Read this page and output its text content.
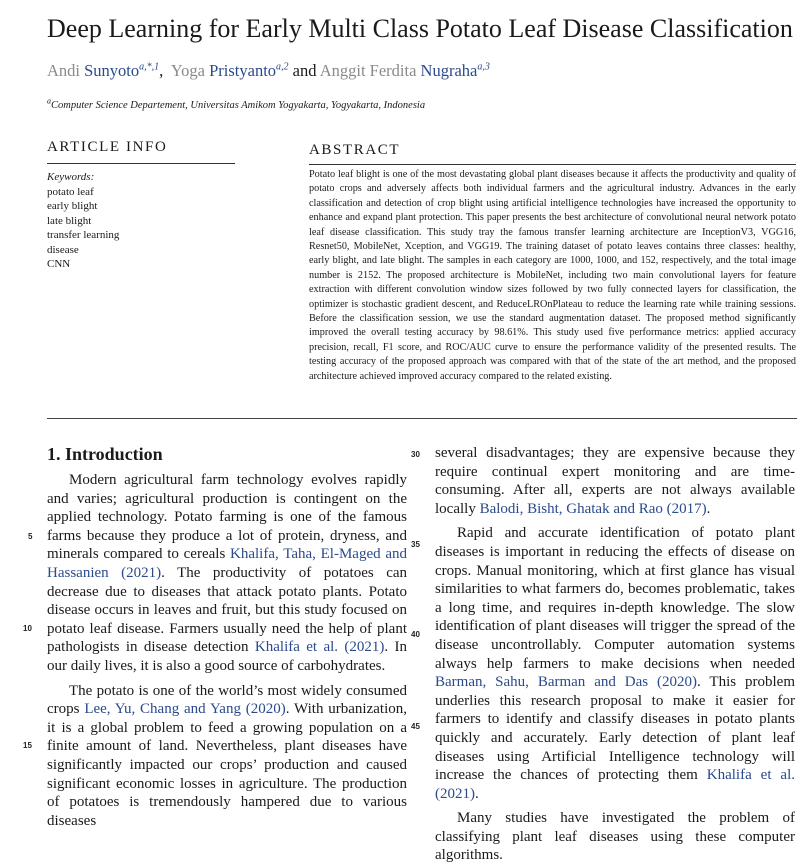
Deep Learning for Early Multi Class Potato Leaf Disease Classification
Andi Sunyoto$^{a,*,1}$, Yoga Pristyanto$^{a,2}$ and Anggit Ferdita Nugraha$^{a,3}$
$^a$Computer Science Departement, Universitas Amikom Yogyakarta, Yogyakarta, Indonesia
ARTICLE INFO	ABSTRACT
Keywords:
potato leaf
early blight
late blight
transfer learning
disease
CNN
Potato leaf blight is one of the most devastating global plant diseases because it affects the productivity and quality of potato crops and adversely affects both individual farmers and the agricultural industry. Advances in the early classification and detection of crop blight using artificial intelligence technologies have increased the opportunity to enhance and expand plant protection. This paper presents the best architecture of convolutional neural network potato leaf disease classification. This study tray the famous transfer learning architecture are InceptionV3, VGG16, Resnet50, MobileNet, Xception, and VGG19. The training dataset of potato leaves contains three classes: healthy, early blight, and late blight. The samples in each category are 1000, 1000, and 152, respectively, and the total image number is 2152. The proposed architecture is MobileNet, including two main convolutional layers for feature extraction with different convolution window sizes followed by two fully connected layers for classification, the optimizer is stochastic gradient descent, and ReduceLROnPlateau to reduce the learning rate while training sessions. Before the classification session, we use the standard augmentation dataset. The proposed method significantly improved the overall testing accuracy by 98.61%. This study used five performance metrics: applied accuracy precision, recall, F1 score, and ROC/AUC curve to ensure the performance validity of the presented results. The testing accuracy of the proposed approach was compared with that of the state of the art method, and the proposed architecture achieved improved accuracy compared to the related existing.
1. Introduction

Modern agricultural farm technology evolves rapidly and varies; agricultural production is contingent on the applied technology. Potato farming is one of the famous farms because they produce a lot of protein, dryness, and minerals compared to cereals Khalifa, Taha, El-Maged and Hassanien (2021). The productivity of potatoes can decrease due to diseases that attack potato plants. Potato disease occurs in leaves and fruit, but this study focused on potato leaf disease. Farmers usually need the help of plant pathologists in disease detection Khalifa et al. (2021). In our daily lives, it is also a good source of carbohydrates.

The potato is one of the world’s most widely consumed crops Lee, Yu, Chang and Yang (2020). With urbanization, it is a global problem to feed a growing population on a finite amount of land. Nevertheless, plant diseases have significantly impacted our crops’ production and caused significant economic losses in agriculture. The production of potatoes is tremendously hampered due to various diseases

several disadvantages; they are expensive because they require continual expert monitoring and are time-consuming. After all, experts are not always available locally Balodi, Bisht, Ghatak and Rao (2017).

Rapid and accurate identification of potato plant diseases is important in reducing the effects of disease on crops. Manual monitoring, which at first glance has visual similarities to what farmers do, becomes problematic, takes a long time, and requires in-depth knowledge. The slow identification of plant diseases will trigger the spread of the disease uncontrollably. Computer automation systems always help farmers to make decisions when needed Barman, Sahu, Barman and Das (2020). This problem underlies this research proposal to make it easier for farmers to identify and classify diseases in potato plants quickly and accurately. Early detection of plant leaf diseases using Artificial Intelligence technology will increase the chances of protecting them Khalifa et al. (2021).

Many studies have investigated the problem of classifying plant leaf diseases using these computer algorithms.

5
10
15
30
35
40
45
